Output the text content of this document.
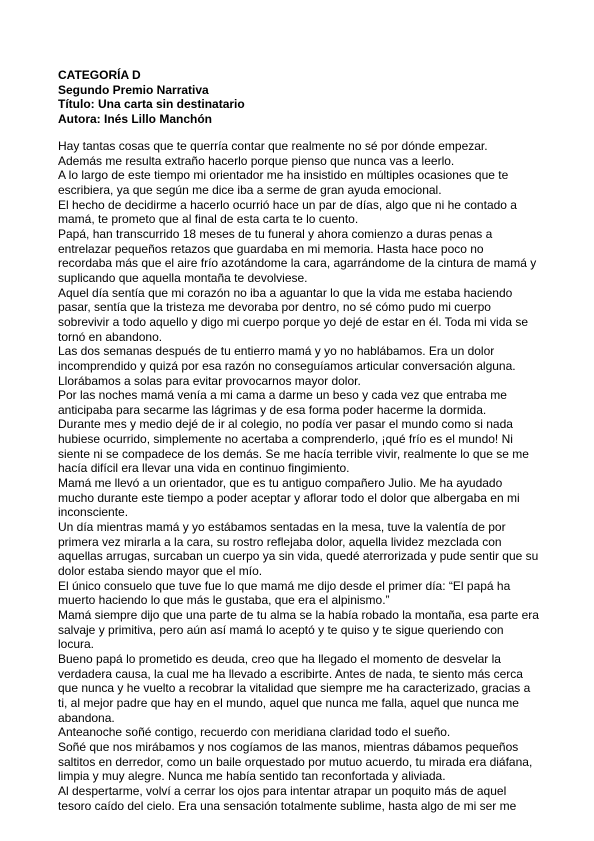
CATEGORÍA D
Segundo Premio Narrativa
Título: Una carta sin destinatario
Autora: Inés Lillo Manchón
Hay tantas cosas que te querría contar que realmente no sé por dónde empezar.
Además me resulta extraño hacerlo porque pienso que nunca vas a leerlo.
A lo largo de este tiempo mi orientador me ha insistido en múltiples ocasiones que te
escribiera, ya que según me dice iba a serme de gran ayuda emocional.
El hecho de decidirme a hacerlo ocurrió hace un par de días, algo que ni he contado a
mamá, te prometo que al final de esta carta te lo cuento.
Papá, han transcurrido 18 meses de tu funeral y ahora comienzo a duras penas a
entrelazar pequeños retazos que guardaba en mi memoria. Hasta hace poco no
recordaba más que el aire frío azotándome la cara, agarrándome de la cintura de mamá y
suplicando que aquella montaña te devolviese.
Aquel día sentía que mi corazón no iba a aguantar lo que la vida me estaba haciendo
pasar, sentía que la tristeza me devoraba por dentro, no sé cómo pudo mi cuerpo
sobrevivir a todo aquello y digo mi cuerpo porque yo dejé de estar en él. Toda mi vida se
tornó en abandono.
Las dos semanas después de tu entierro mamá y yo no hablábamos. Era un dolor
incomprendido y quizá por esa razón no conseguíamos articular conversación alguna.
Llorábamos a solas para evitar provocarnos mayor dolor.
Por las noches mamá venía a mi cama a darme un beso y cada vez que entraba me
anticipaba para secarme las lágrimas y de esa forma poder hacerme la dormida.
Durante mes y medio dejé de ir al colegio, no podía ver pasar el mundo como si nada
hubiese ocurrido, simplemente no acertaba a comprenderlo, ¡qué frío es el mundo! Ni
siente ni se compadece de los demás. Se me hacía terrible vivir, realmente lo que se me
hacía difícil era llevar una vida en continuo fingimiento.
Mamá me llevó a un orientador, que es tu antiguo compañero Julio. Me ha ayudado
mucho durante este tiempo a poder aceptar y aflorar todo el dolor que albergaba en mi
inconsciente.
Un día mientras mamá y yo estábamos sentadas en la mesa, tuve la valentía de por
primera vez mirarla a la cara, su rostro reflejaba dolor, aquella lividez mezclada con
aquellas arrugas, surcaban un cuerpo ya sin vida, quedé aterrorizada y pude sentir que su
dolor estaba siendo mayor que el mío.
El único consuelo que tuve fue lo que mamá me dijo desde el primer día: “El papá ha
muerto haciendo lo que más le gustaba, que era el alpinismo.”
Mamá siempre dijo que una parte de tu alma se la había robado la montaña, esa parte era
salvaje y primitiva, pero aún así mamá lo aceptó y te quiso y te sigue queriendo con
locura.
Bueno papá lo prometido es deuda, creo que ha llegado el momento de desvelar la
verdadera causa, la cual me ha llevado a escribirte. Antes de nada, te siento más cerca
que nunca y he vuelto a recobrar la vitalidad que siempre me ha caracterizado, gracias a
ti, al mejor padre que hay en el mundo, aquel que nunca me falla, aquel que nunca me
abandona.
Anteanoche soñé contigo, recuerdo con meridiana claridad todo el sueño.
Soñé que nos mirábamos y nos cogíamos de las manos, mientras dábamos pequeños
saltitos en derredor, como un baile orquestado por mutuo acuerdo, tu mirada era diáfana,
limpia y muy alegre. Nunca me había sentido tan reconfortada y aliviada.
Al despertarme, volví a cerrar los ojos para intentar atrapar un poquito más de aquel
tesoro caído del cielo. Era una sensación totalmente sublime, hasta algo de mi ser me
